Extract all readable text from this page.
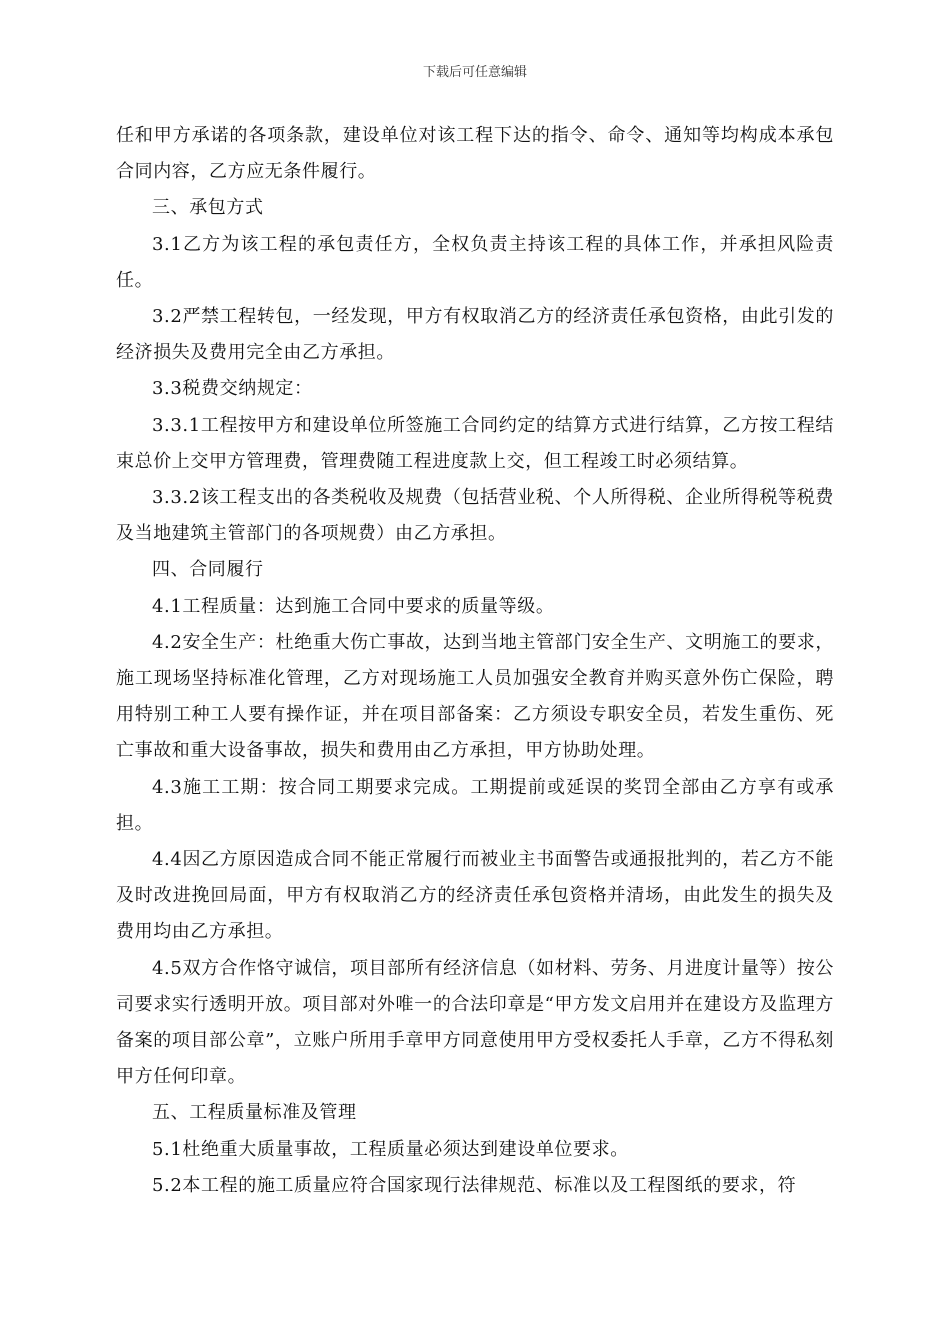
下载后可任意编辑

任和甲方承诺的各项条款，建设单位对该工程下达的指令、命令、通知等均构成本承包合同内容，乙方应无条件履行。

三、承包方式

3.1乙方为该工程的承包责任方，全权负责主持该工程的具体工作，并承担风险责任。

3.2严禁工程转包，一经发现，甲方有权取消乙方的经济责任承包资格，由此引发的经济损失及费用完全由乙方承担。

3.3税费交纳规定：

3.3.1工程按甲方和建设单位所签施工合同约定的结算方式进行结算，乙方按工程结束总价上交甲方管理费，管理费随工程进度款上交，但工程竣工时必须结算。

3.3.2该工程支出的各类税收及规费（包括营业税、个人所得税、企业所得税等税费及当地建筑主管部门的各项规费）由乙方承担。

四、合同履行

4.1工程质量：达到施工合同中要求的质量等级。

4.2安全生产：杜绝重大伤亡事故，达到当地主管部门安全生产、文明施工的要求，施工现场坚持标准化管理，乙方对现场施工人员加强安全教育并购买意外伤亡保险，聘用特别工种工人要有操作证，并在项目部备案：乙方须设专职安全员，若发生重伤、死亡事故和重大设备事故，损失和费用由乙方承担，甲方协助处理。

4.3施工工期：按合同工期要求完成。工期提前或延误的奖罚全部由乙方享有或承担。

4.4因乙方原因造成合同不能正常履行而被业主书面警告或通报批判的，若乙方不能及时改进挽回局面，甲方有权取消乙方的经济责任承包资格并清场，由此发生的损失及费用均由乙方承担。

4.5双方合作恪守诚信，项目部所有经济信息（如材料、劳务、月进度计量等）按公司要求实行透明开放。项目部对外唯一的合法印章是“甲方发文启用并在建设方及监理方备案的项目部公章”，立账户所用手章甲方同意使用甲方受权委托人手章，乙方不得私刻甲方任何印章。

五、工程质量标准及管理

5.1杜绝重大质量事故，工程质量必须达到建设单位要求。

5.2本工程的施工质量应符合国家现行法律规范、标准以及工程图纸的要求，符
